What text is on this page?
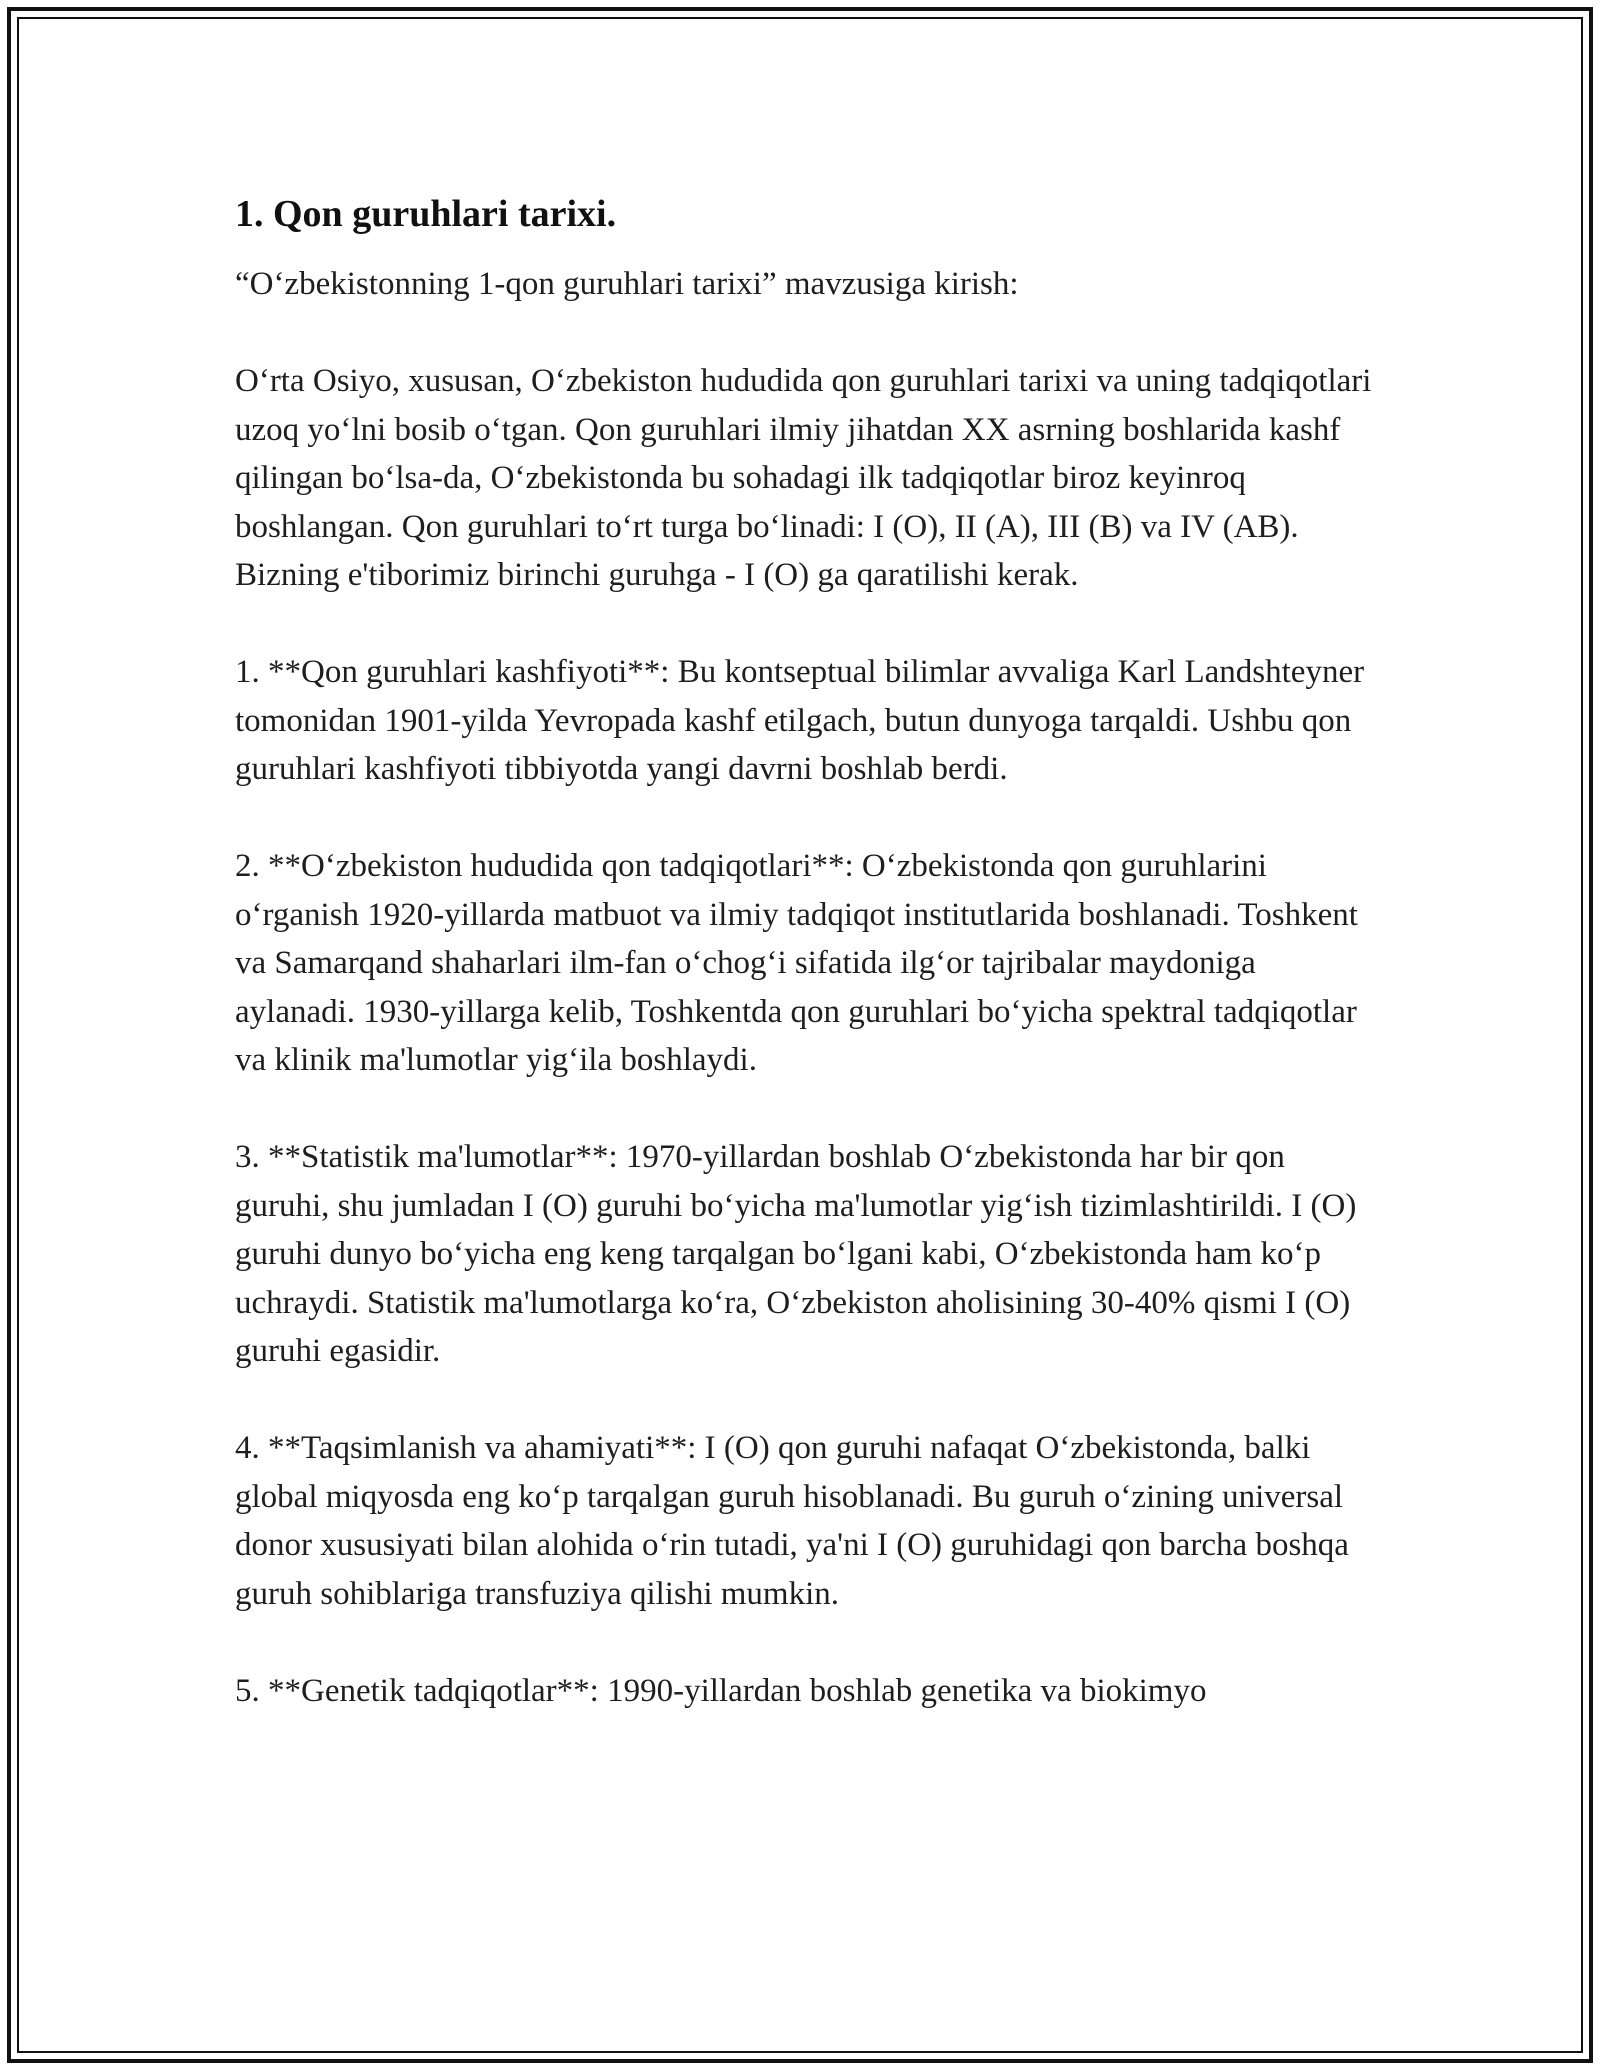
1. Qon guruhlari tarixi.

“Oʻzbekistonning 1-qon guruhlari tarixi” mavzusiga kirish:

Oʻrta Osiyo, xususan, Oʻzbekiston hududida qon guruhlari tarixi va uning tadqiqotlari uzoq yoʻlni bosib oʻtgan. Qon guruhlari ilmiy jihatdan XX asrning boshlarida kashf qilingan boʻlsa-da, Oʻzbekistonda bu sohadagi ilk tadqiqotlar biroz keyinroq boshlangan. Qon guruhlari toʻrt turga boʻlinadi: I (O), II (A), III (B) va IV (AB). Bizning e'tiborimiz birinchi guruhga - I (O) ga qaratilishi kerak.

1. **Qon guruhlari kashfiyoti**: Bu kontseptual bilimlar avvaliga Karl Landshteyner tomonidan 1901-yilda Yevropada kashf etilgach, butun dunyoga tarqaldi. Ushbu qon guruhlari kashfiyoti tibbiyotda yangi davrni boshlab berdi.

2. **Oʻzbekiston hududida qon tadqiqotlari**: Oʻzbekistonda qon guruhlarini oʻrganish 1920-yillarda matbuot va ilmiy tadqiqot institutlarida boshlanadi. Toshkent va Samarqand shaharlari ilm-fan oʻchogʻi sifatida ilgʻor tajribalar maydoniga aylanadi. 1930-yillarga kelib, Toshkentda qon guruhlari boʻyicha spektral tadqiqotlar va klinik ma'lumotlar yigʻila boshlaydi.

3. **Statistik ma'lumotlar**: 1970-yillardan boshlab Oʻzbekistonda har bir qon guruhi, shu jumladan I (O) guruhi boʻyicha ma'lumotlar yigʻish tizimlashtirildi. I (O) guruhi dunyo boʻyicha eng keng tarqalgan boʻlgani kabi, Oʻzbekistonda ham koʻp uchraydi. Statistik ma'lumotlarga koʻra, Oʻzbekiston aholisining 30-40% qismi I (O) guruhi egasidir.

4. **Taqsimlanish va ahamiyati**: I (O) qon guruhi nafaqat Oʻzbekistonda, balki global miqyosda eng koʻp tarqalgan guruh hisoblanadi. Bu guruh oʻzining universal donor xususiyati bilan alohida oʻrin tutadi, ya'ni I (O) guruhidagi qon barcha boshqa guruh sohiblariga transfuziya qilishi mumkin.

5. **Genetik tadqiqotlar**: 1990-yillardan boshlab genetika va biokimyo
